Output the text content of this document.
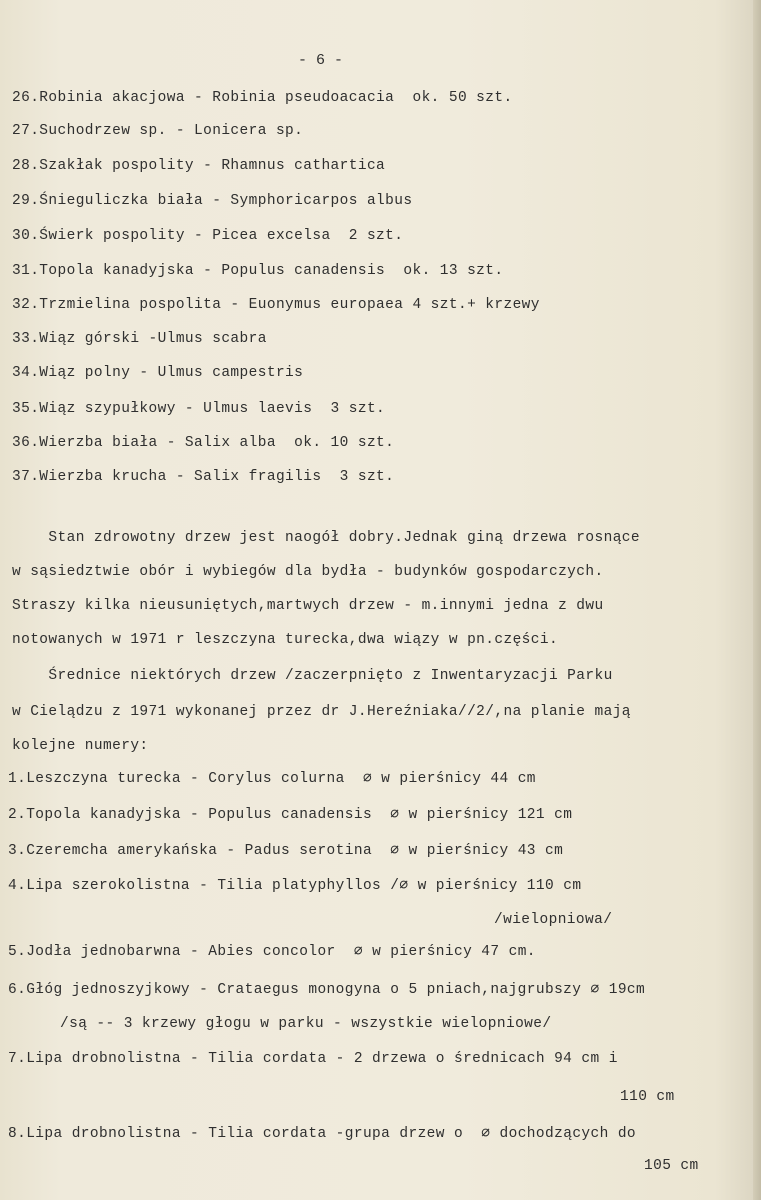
- 6 -
26.Robinia akacjowa - Robinia pseudoacacia  ok. 50 szt.
27.Suchodrzew sp. - Lonicera sp.
28.Szakłak pospolity - Rhamnus cathartica
29.Śnieguliczka biała - Symphoricarpos albus
30.Świerk pospolity - Picea excelsa  2 szt.
31.Topola kanadyjska - Populus canadensis  ok. 13 szt.
32.Trzmielina pospolita - Euonymus europaea 4 szt.+ krzewy
33.Wiąz górski -Ulmus scabra
34.Wiąz polny - Ulmus campestris
35.Wiąz szypułkowy - Ulmus laevis  3 szt.
36.Wierzba biała - Salix alba  ok. 10 szt.
37.Wierzba krucha - Salix fragilis  3 szt.
Stan zdrowotny drzew jest naogół dobry.Jednak giną drzewa rosnące
w sąsiedztwie obór i wybiegów dla bydła - budynków gospodarczych.
Straszy kilka nieusuniętych,martwych drzew - m.innymi jedna z dwu
notowanych w 1971 r leszczyna turecka,dwa wiązy w pn.części.
Średnice niektórych drzew /zaczerpnięto z Inwentaryzacji Parku
w Cielądzu z 1971 wykonanej przez dr J.Hereźniaka//2/,na planie mają
kolejne numery:
1.Leszczyna turecka - Corylus colurna  ∅ w pierśnicy 44 cm
2.Topola kanadyjska - Populus canadensis  ∅ w pierśnicy 121 cm
3.Czeremcha amerykańska - Padus serotina  ∅ w pierśnicy 43 cm
4.Lipa szerokolistna - Tilia platyphyllos /∅ w pierśnicy 110 cm
/wielopniowa/
5.Jodła jednobarwna - Abies concolor  ∅ w pierśnicy 47 cm.
6.Głóg jednoszyjkowy - Crataegus monogyna o 5 pniach,najgrubszy ∅ 19cm
/są -- 3 krzewy głogu w parku - wszystkie wielopniowe/
7.Lipa drobnolistna - Tilia cordata - 2 drzewa o średnicach 94 cm i
110 cm
8.Lipa drobnolistna - Tilia cordata -grupa drzew o  ∅ dochodzących do
105 cm
